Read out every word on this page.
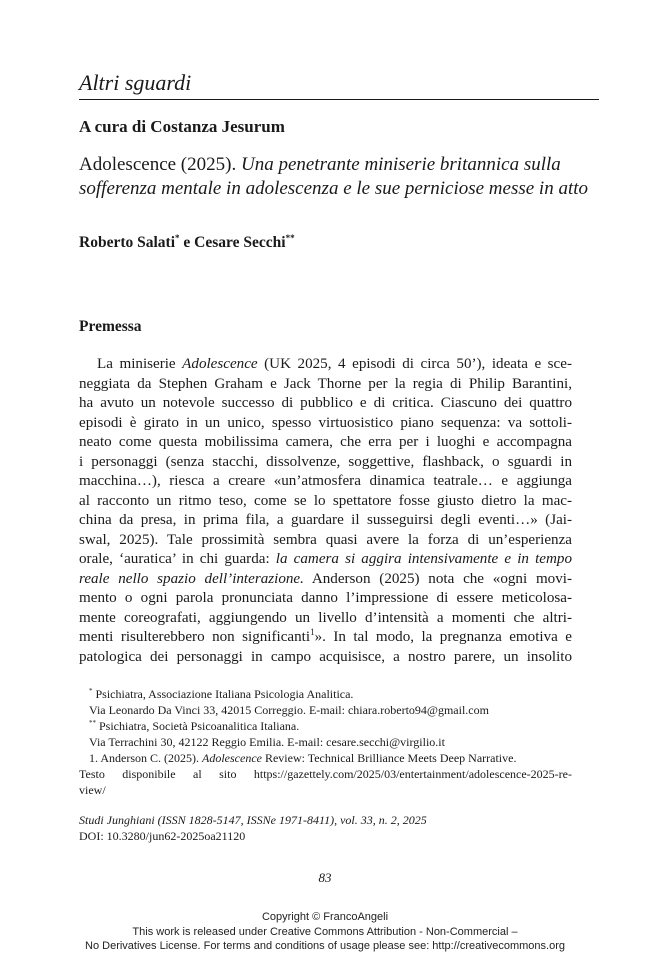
Altri sguardi
A cura di Costanza Jesurum
Adolescence (2025). Una penetrante miniserie britannica sulla sofferenza mentale in adolescenza e le sue perniciose messe in atto
Roberto Salati* e Cesare Secchi**
Premessa
La miniserie Adolescence (UK 2025, 4 episodi di circa 50’), ideata e sce-
neggiata da Stephen Graham e Jack Thorne per la regia di Philip Barantini,
ha avuto un notevole successo di pubblico e di critica. Ciascuno dei quattro
episodi è girato in un unico, spesso virtuosistico piano sequenza: va sottoli-
neato come questa mobilissima camera, che erra per i luoghi e accompagna
i personaggi (senza stacchi, dissolvenze, soggettive, flashback, o sguardi in
macchina…), riesca a creare «un’atmosfera dinamica teatrale… e aggiunga
al racconto un ritmo teso, come se lo spettatore fosse giusto dietro la mac-
china da presa, in prima fila, a guardare il susseguirsi degli eventi…» (Jai-
swal, 2025). Tale prossimità sembra quasi avere la forza di un’esperienza
orale, ‘auratica’ in chi guarda: la camera si aggira intensivamente e in tempo
reale nello spazio dell’interazione. Anderson (2025) nota che «ogni movi-
mento o ogni parola pronunciata danno l’impressione di essere meticolosa-
mente coreografati, aggiungendo un livello d’intensità a momenti che altri-
menti risulterebbero non significanti$^1$». In tal modo, la pregnanza emotiva e
patologica dei personaggi in campo acquisisce, a nostro parere, un insolito
* Psichiatra, Associazione Italiana Psicologia Analitica.
Via Leonardo Da Vinci 33, 42015 Correggio. E-mail: chiara.roberto94@gmail.com
** Psichiatra, Società Psicoanalitica Italiana.
Via Terrachini 30, 42122 Reggio Emilia. E-mail: cesare.secchi@virgilio.it
1. Anderson C. (2025). Adolescence Review: Technical Brilliance Meets Deep Narrative.
Testo disponibile al sito https://gazettely.com/2025/03/entertainment/adolescence-2025-re-
view/
Studi Junghiani (ISSN 1828-5147, ISSNe 1971-8411), vol. 33, n. 2, 2025
DOI: 10.3280/jun62-2025oa21120
83
Copyright © FrancoAngeli
This work is released under Creative Commons Attribution - Non-Commercial –
No Derivatives License. For terms and conditions of usage please see: http://creativecommons.org
